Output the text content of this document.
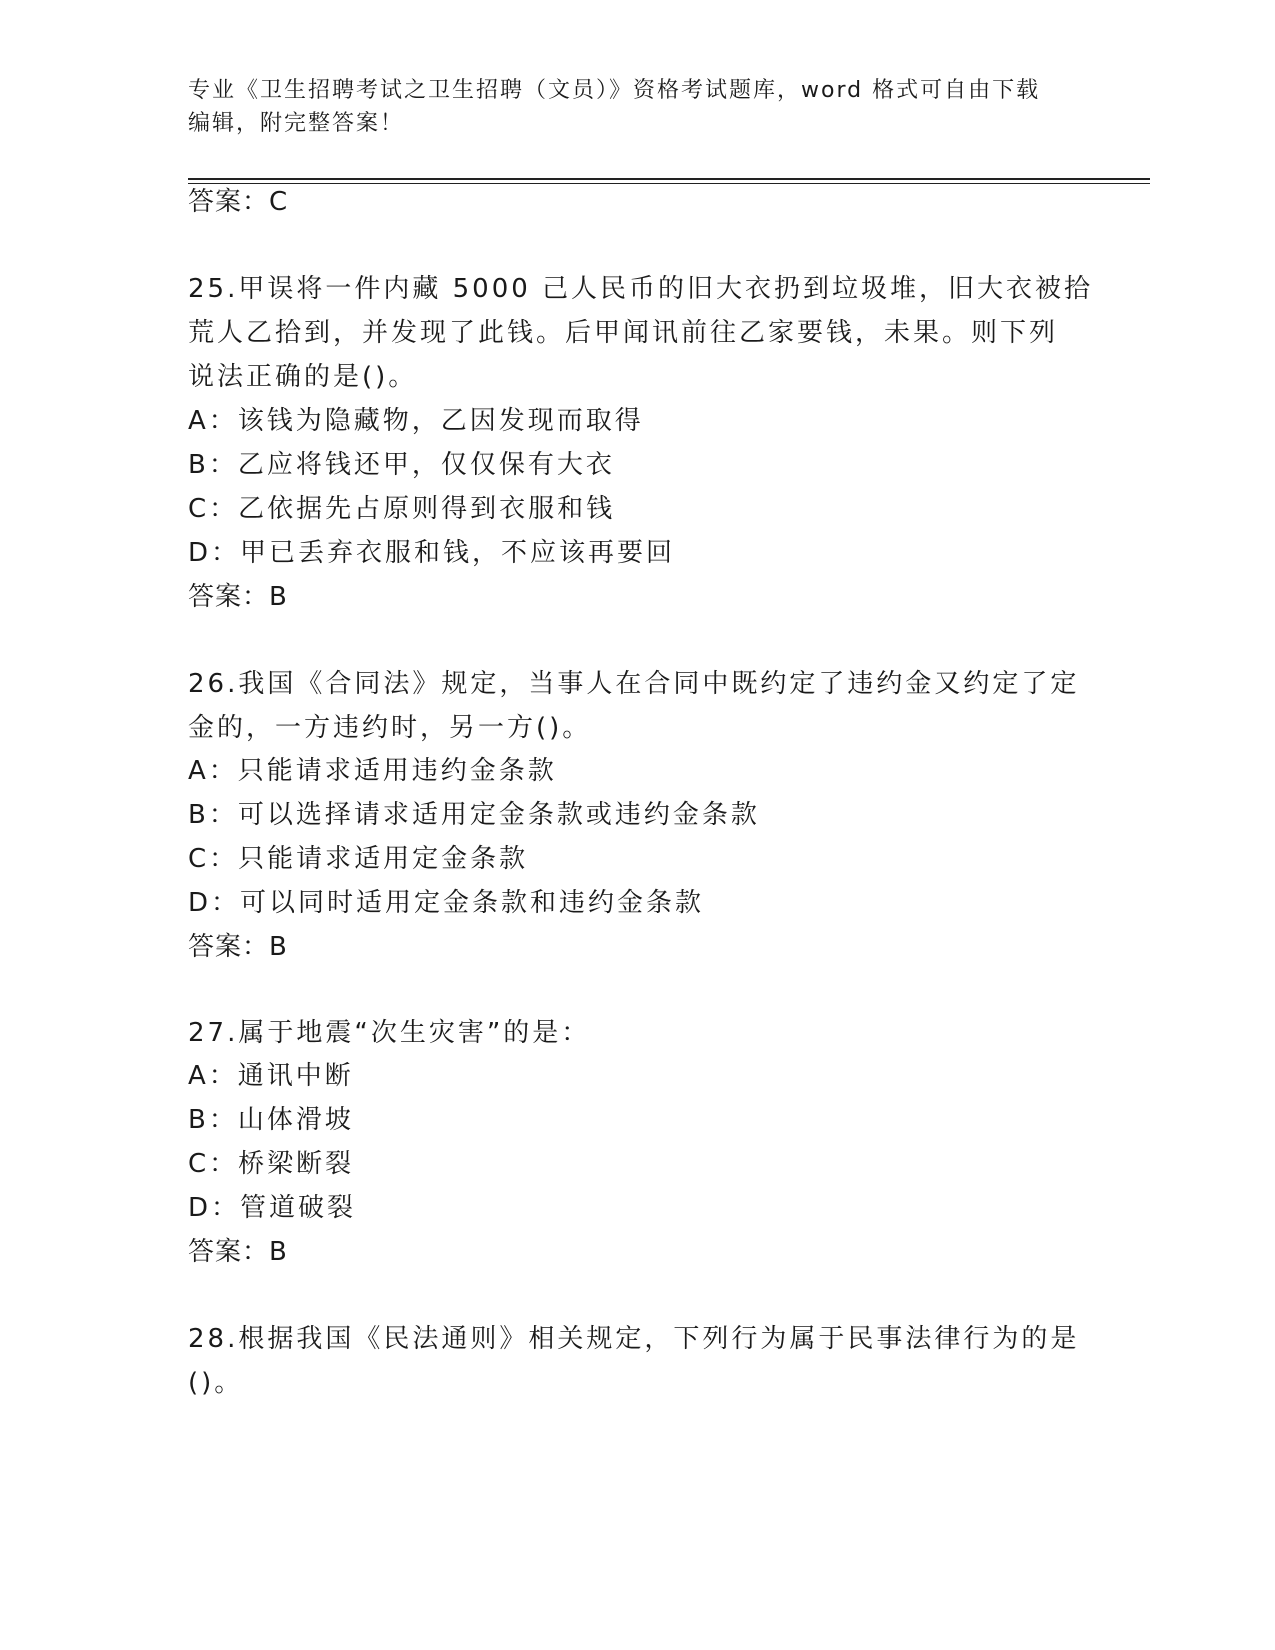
专业《卫生招聘考试之卫生招聘（文员）》资格考试题库，word 格式可自由下载
编辑，附完整答案！
答案：C
25.甲误将一件内藏 5000 己人民币的旧大衣扔到垃圾堆，旧大衣被拾
荒人乙拾到，并发现了此钱。后甲闻讯前往乙家要钱，未果。则下列
说法正确的是()。
A：该钱为隐藏物，乙因发现而取得
B：乙应将钱还甲，仅仅保有大衣
C：乙依据先占原则得到衣服和钱
D：甲已丢弃衣服和钱，不应该再要回
答案：B
26.我国《合同法》规定，当事人在合同中既约定了违约金又约定了定
金的，一方违约时，另一方()。
A：只能请求适用违约金条款
B：可以选择请求适用定金条款或违约金条款
C：只能请求适用定金条款
D：可以同时适用定金条款和违约金条款
答案：B
27.属于地震“次生灾害”的是：
A：通讯中断
B：山体滑坡
C：桥梁断裂
D：管道破裂
答案：B
28.根据我国《民法通则》相关规定，下列行为属于民事法律行为的是
()。
